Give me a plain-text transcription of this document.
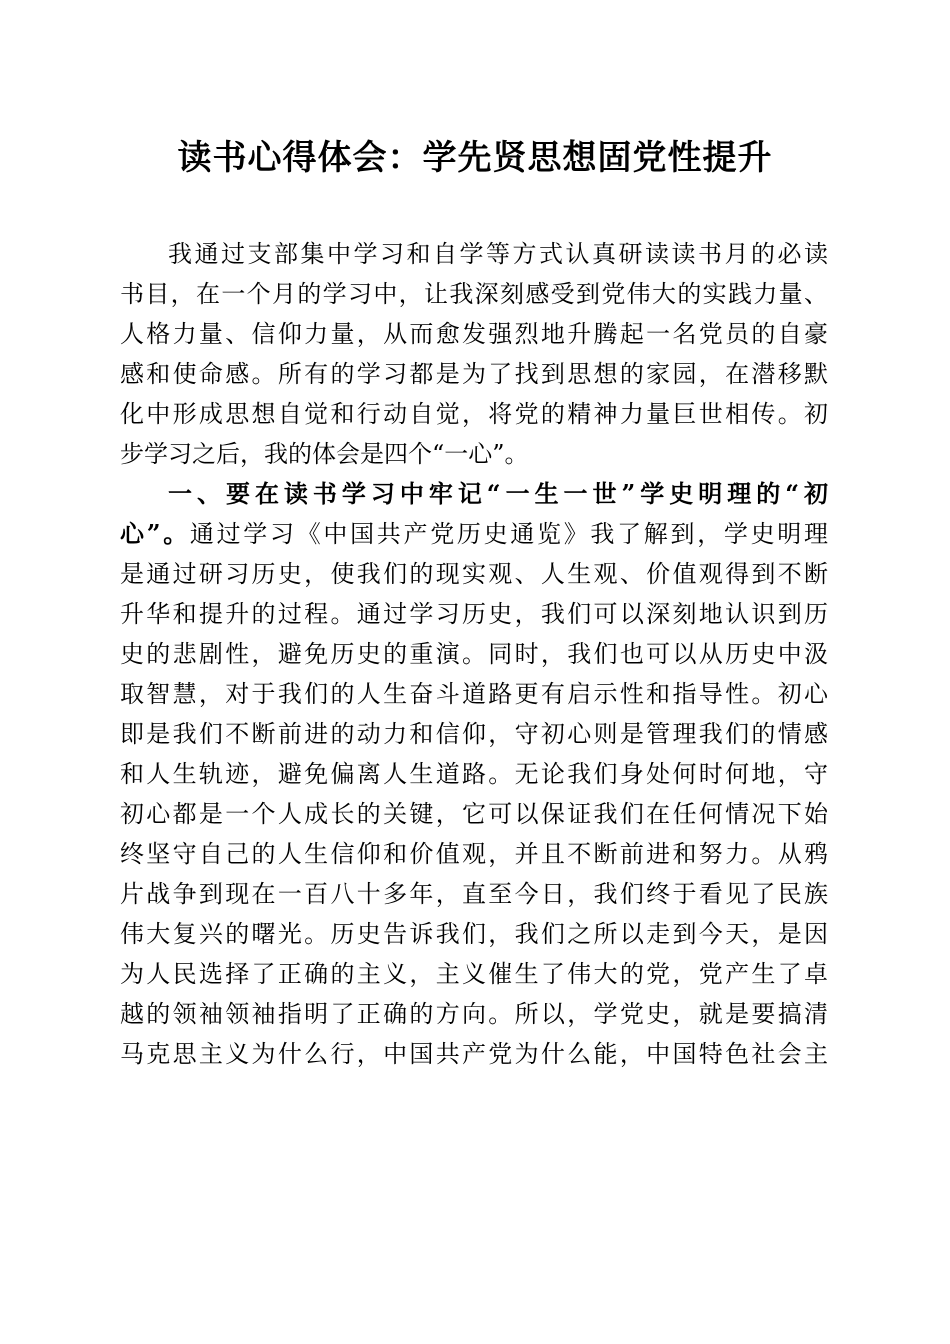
读书心得体会：学先贤思想固党性提升
我通过支部集中学习和自学等方式认真研读读书月的必读
书目，在一个月的学习中，让我深刻感受到党伟大的实践力量、
人格力量、信仰力量，从而愈发强烈地升腾起一名党员的自豪
感和使命感。所有的学习都是为了找到思想的家园，在潜移默
化中形成思想自觉和行动自觉，将党的精神力量巨世相传。初
步学习之后，我的体会是四个“一心”。
一、要在读书学习中牢记“一生一世”学史明理的“初
心”。通过学习《中国共产党历史通览》我了解到，学史明理
是通过研习历史，使我们的现实观、人生观、价值观得到不断
升华和提升的过程。通过学习历史，我们可以深刻地认识到历
史的悲剧性，避免历史的重演。同时，我们也可以从历史中汲
取智慧，对于我们的人生奋斗道路更有启示性和指导性。初心
即是我们不断前进的动力和信仰，守初心则是管理我们的情感
和人生轨迹，避免偏离人生道路。无论我们身处何时何地，守
初心都是一个人成长的关键，它可以保证我们在任何情况下始
终坚守自己的人生信仰和价值观，并且不断前进和努力。从鸦
片战争到现在一百八十多年，直至今日，我们终于看见了民族
伟大复兴的曙光。历史告诉我们，我们之所以走到今天，是因
为人民选择了正确的主义，主义催生了伟大的党，党产生了卓
越的领袖领袖指明了正确的方向。所以，学党史，就是要搞清
马克思主义为什么行，中国共产党为什么能，中国特色社会主
